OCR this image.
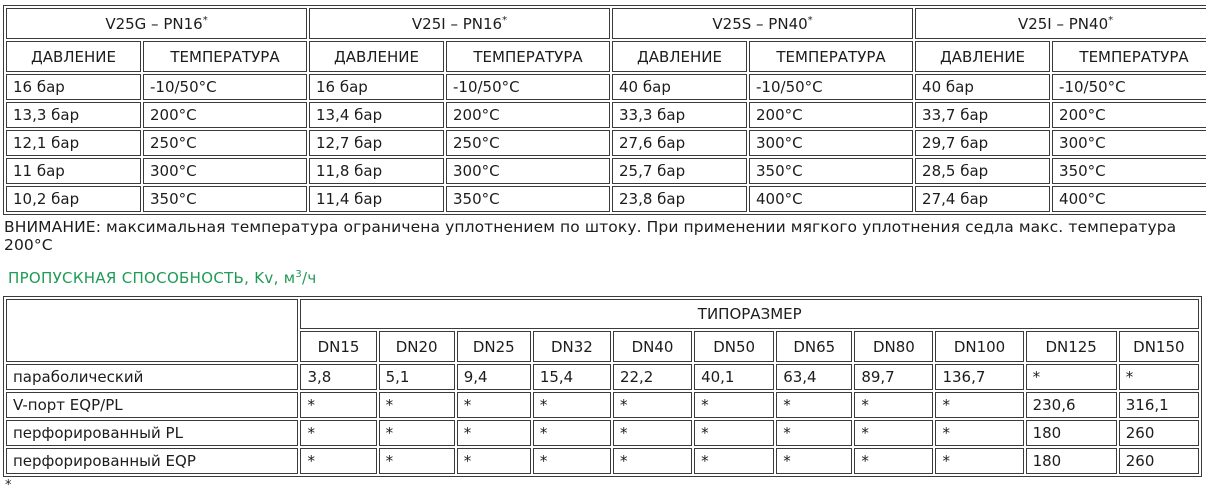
V25G – PN16*		V25I – PN16*		V25S – PN40*		V25I – PN40*
ДАВЛЕНИЕ	ТЕМПЕРАТУРА	ДАВЛЕНИЕ	ТЕМПЕРАТУРА	ДАВЛЕНИЕ	ТЕМПЕРАТУРА	ДАВЛЕНИЕ	ТЕМПЕРАТУРА
16 бар	-10/50°C	16 бар	-10/50°C	40 бар	-10/50°C	40 бар	-10/50°C
13,3 бар	200°C	13,4 бар	200°C	33,3 бар	200°C	33,7 бар	200°C
12,1 бар	250°C	12,7 бар	250°C	27,6 бар	300°C	29,7 бар	300°C
11 бар	300°C	11,8 бар	300°C	25,7 бар	350°C	28,5 бар	350°C
10,2 бар	350°C	11,4 бар	350°C	23,8 бар	400°C	27,4 бар	400°C
ВНИМАНИЕ: максимальная температура ограничена уплотнением по штоку. При применении мягкого уплотнения седла макс. температура 200°C
ПРОПУСКНАЯ СПОСОБНОСТЬ, Kv, $м^3/ч$
	ТИПОРАЗМЕР										
	DN15	DN20	DN25	DN32	DN40	DN50	DN65	DN80	DN100	DN125	DN150
параболический	3,8	5,1	9,4	15,4	22,2	40,1	63,4	89,7	136,7	*	*
V-порт EQP/PL	*	*	*	*	*	*	*	*	*	230,6	316,1
перфорированный PL	*	*	*	*	*	*	*	*	*	180	260
перфорированный EQP	*	*	*	*	*	*	*	*	*	180	260
*
